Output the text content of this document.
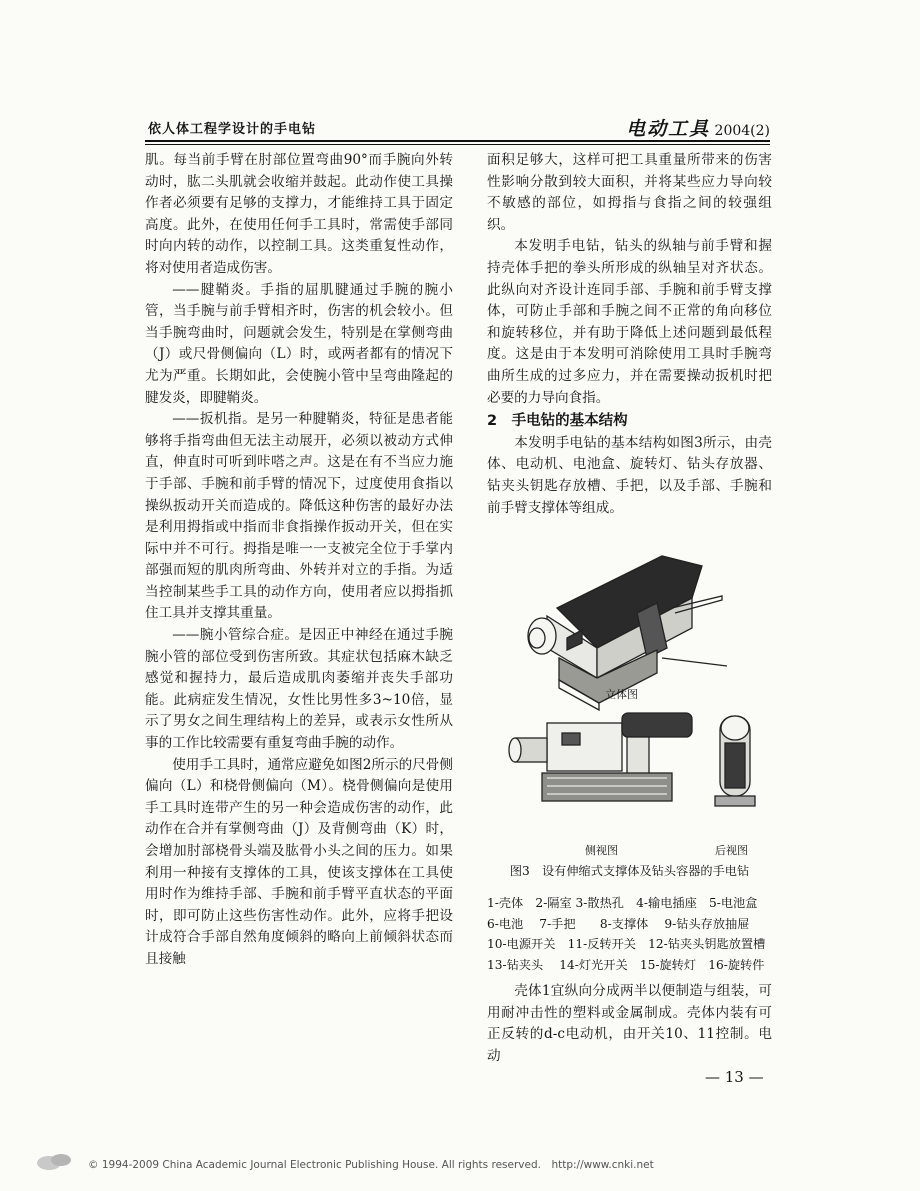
依人体工程学设计的手电钻	电动工具 2004(2)

肌。每当前手臂在肘部位置弯曲90°而手腕向外转动时，肱二头肌就会收缩并鼓起。此动作使工具操作者必须要有足够的支撑力，才能维持工具于固定高度。此外，在使用任何手工具时，常需使手部同时向内转的动作，以控制工具。这类重复性动作，将对使用者造成伤害。

——腱鞘炎。手指的屈肌腱通过手腕的腕小管，当手腕与前手臂相齐时，伤害的机会较小。但当手腕弯曲时，问题就会发生，特别是在掌侧弯曲（J）或尺骨侧偏向（L）时，或两者都有的情况下尤为严重。长期如此，会使腕小管中呈弯曲隆起的腱发炎，即腱鞘炎。

——扳机指。是另一种腱鞘炎，特征是患者能够将手指弯曲但无法主动展开，必须以被动方式伸直，伸直时可听到咔嗒之声。这是在有不当应力施于手部、手腕和前手臂的情况下，过度使用食指以操纵扳动开关而造成的。降低这种伤害的最好办法是利用拇指或中指而非食指操作扳动开关，但在实际中并不可行。拇指是唯一一支被完全位于手掌内部强而短的肌肉所弯曲、外转并对立的手指。为适当控制某些手工具的动作方向，使用者应以拇指抓住工具并支撑其重量。

——腕小管综合症。是因正中神经在通过手腕腕小管的部位受到伤害所致。其症状包括麻木缺乏感觉和握持力，最后造成肌肉萎缩并丧失手部功能。此病症发生情况，女性比男性多3~10倍，显示了男女之间生理结构上的差异，或表示女性所从事的工作比较需要有重复弯曲手腕的动作。

使用手工具时，通常应避免如图2所示的尺骨侧偏向（L）和桡骨侧偏向（M）。桡骨侧偏向是使用手工具时连带产生的另一种会造成伤害的动作，此动作在合并有掌侧弯曲（J）及背侧弯曲（K）时，会增加肘部桡骨头端及肱骨小头之间的压力。如果利用一种接有支撑体的工具，使该支撑体在工具使用时作为维持手部、手腕和前手臂平直状态的平面时，即可防止这些伤害性动作。此外，应将手把设计成符合手部自然角度倾斜的略向上前倾斜状态而且接触

面积足够大，这样可把工具重量所带来的伤害性影响分散到较大面积，并将某些应力导向较不敏感的部位，如拇指与食指之间的较强组织。

本发明手电钻，钻头的纵轴与前手臂和握持壳体手把的拳头所形成的纵轴呈对齐状态。此纵向对齐设计连同手部、手腕和前手臂支撑体，可防止手部和手腕之间不正常的角向移位和旋转移位，并有助于降低上述问题到最低程度。这是由于本发明可消除使用工具时手腕弯曲所生成的过多应力，并在需要操动扳机时把必要的力导向食指。

2　手电钻的基本结构

本发明手电钻的基本结构如图3所示，由壳体、电动机、电池盒、旋转灯、钻头存放器、钻夹头钥匙存放槽、手把，以及手部、手腕和前手臂支撑体等组成。

立体图
侧视图	后视图
图3　设有伸缩式支撑体及钻头容器的手电钻
1-壳体　2-隔室 3-散热孔　4-输电插座　5-电池盒
6-电池　 7-手把　　8-支撑体　 9-钻头存放抽屉
10-电源开关　11-反转开关　12-钻夹头钥匙放置槽
13-钻夹头　 14-灯光开关　15-旋转灯　16-旋转件

壳体1宜纵向分成两半以便制造与组装，可用耐冲击性的塑料或金属制成。壳体内装有可正反转的d-c电动机，由开关10、11控制。电动

— 13 —
© 1994-2009 China Academic Journal Electronic Publishing House. All rights reserved.　http://www.cnki.net
